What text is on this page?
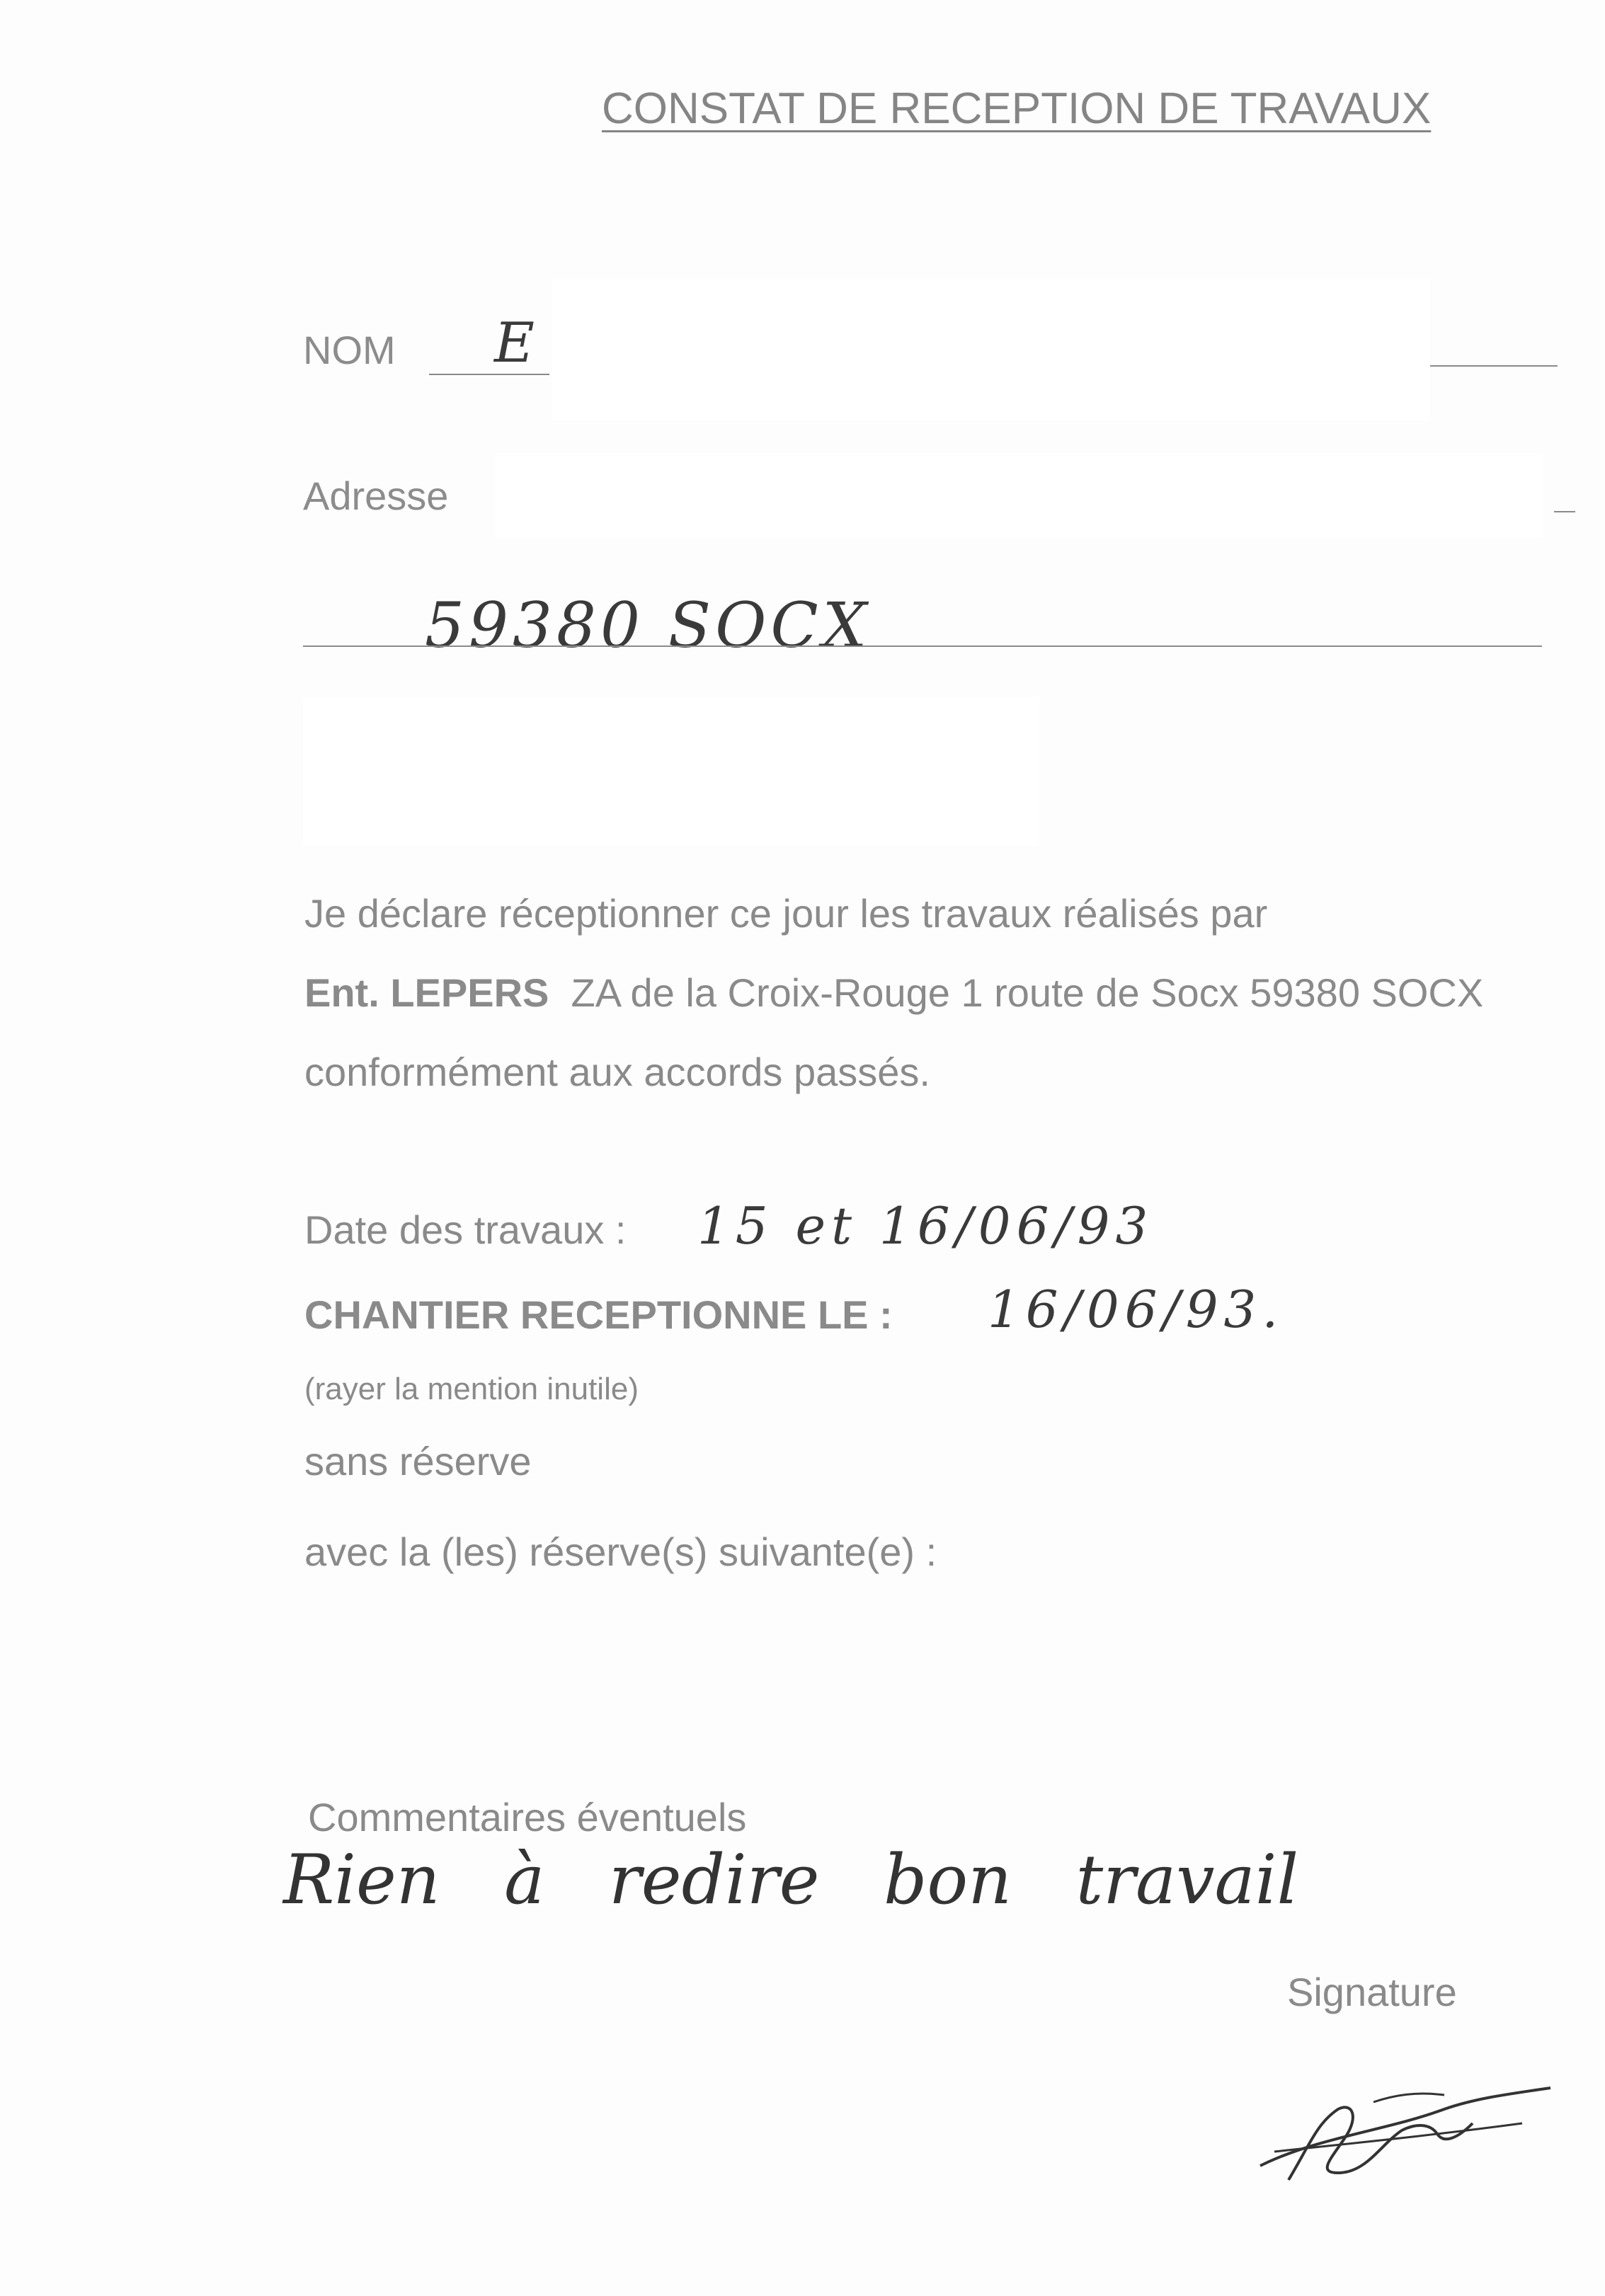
CONSTAT DE RECEPTION DE TRAVAUX
NOM E
Adresse
59380 SOCX
Je déclare réceptionner ce jour les travaux réalisés par
Ent. LEPERS ZA de la Croix-Rouge 1 route de Socx 59380 SOCX
conformément aux accords passés.
Date des travaux : 15 et 16/06/93
CHANTIER RECEPTIONNE LE : 16/06/93.
(rayer la mention inutile)
sans réserve
avec la (les) réserve(s) suivante(e) :
Commentaires éventuels
Rien à redire bon travail
Signature
